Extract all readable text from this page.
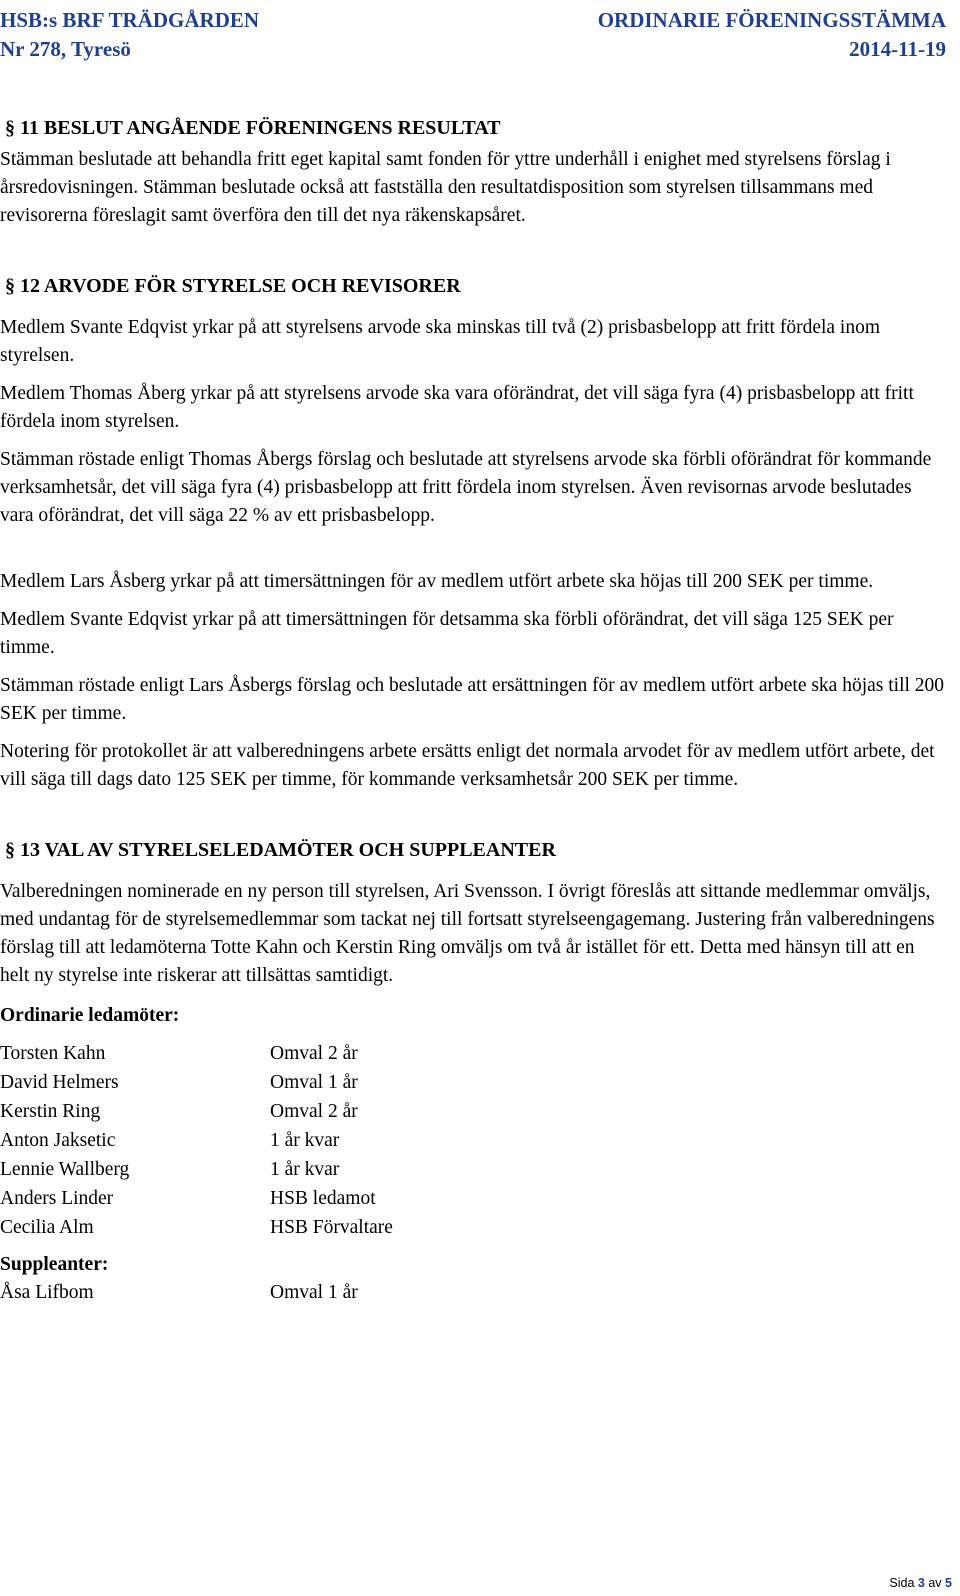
HSB:s BRF TRÄDGÅRDEN
Nr 278, Tyresö
ORDINARIE FÖRENINGSSTÄMMA
2014-11-19

§ 11 BESLUT ANGÅENDE FÖRENINGENS RESULTAT

Stämman beslutade att behandla fritt eget kapital samt fonden för yttre underhåll i enighet med styrelsens förslag i årsredovisningen. Stämman beslutade också att fastställa den resultatdisposition som styrelsen tillsammans med revisorerna föreslagit samt överföra den till det nya räkenskapsåret.

§ 12 ARVODE FÖR STYRELSE OCH REVISORER

Medlem Svante Edqvist yrkar på att styrelsens arvode ska minskas till två (2) prisbasbelopp att fritt fördela inom styrelsen.

Medlem Thomas Åberg yrkar på att styrelsens arvode ska vara oförändrat, det vill säga fyra (4) prisbasbelopp att fritt fördela inom styrelsen.

Stämman röstade enligt Thomas Åbergs förslag och beslutade att styrelsens arvode ska förbli oförändrat för kommande verksamhetsår, det vill säga fyra (4) prisbasbelopp att fritt fördela inom styrelsen. Även revisornas arvode beslutades vara oförändrat, det vill säga 22 % av ett prisbasbelopp.

Medlem Lars Åsberg yrkar på att timersättningen för av medlem utfört arbete ska höjas till 200 SEK per timme.

Medlem Svante Edqvist yrkar på att timersättningen för detsamma ska förbli oförändrat, det vill säga 125 SEK per timme.

Stämman röstade enligt Lars Åsbergs förslag och beslutade att ersättningen för av medlem utfört arbete ska höjas till 200 SEK per timme.

Notering för protokollet är att valberedningens arbete ersätts enligt det normala arvodet för av medlem utfört arbete, det vill säga till dags dato 125 SEK per timme, för kommande verksamhetsår 200 SEK per timme.

§ 13 VAL AV STYRELSELEDAMÖTER OCH SUPPLEANTER

Valberedningen nominerade en ny person till styrelsen, Ari Svensson. I övrigt föreslås att sittande medlemmar omväljs, med undantag för de styrelsemedlemmar som tackat nej till fortsatt styrelseengagemang. Justering från valberedningens förslag till att ledamöterna Totte Kahn och Kerstin Ring omväljs om två år istället för ett. Detta med hänsyn till att en helt ny styrelse inte riskerar att tillsättas samtidigt.

Ordinarie ledamöter:

Torsten Kahn	Omval 2 år
David Helmers	Omval 1 år
Kerstin Ring	Omval 2 år
Anton Jaksetic	1 år kvar
Lennie Wallberg	1 år kvar
Anders Linder	HSB ledamot
Cecilia Alm	HSB Förvaltare

Suppleanter:

Åsa Lifbom	Omval 1 år
Sida 3 av 5
